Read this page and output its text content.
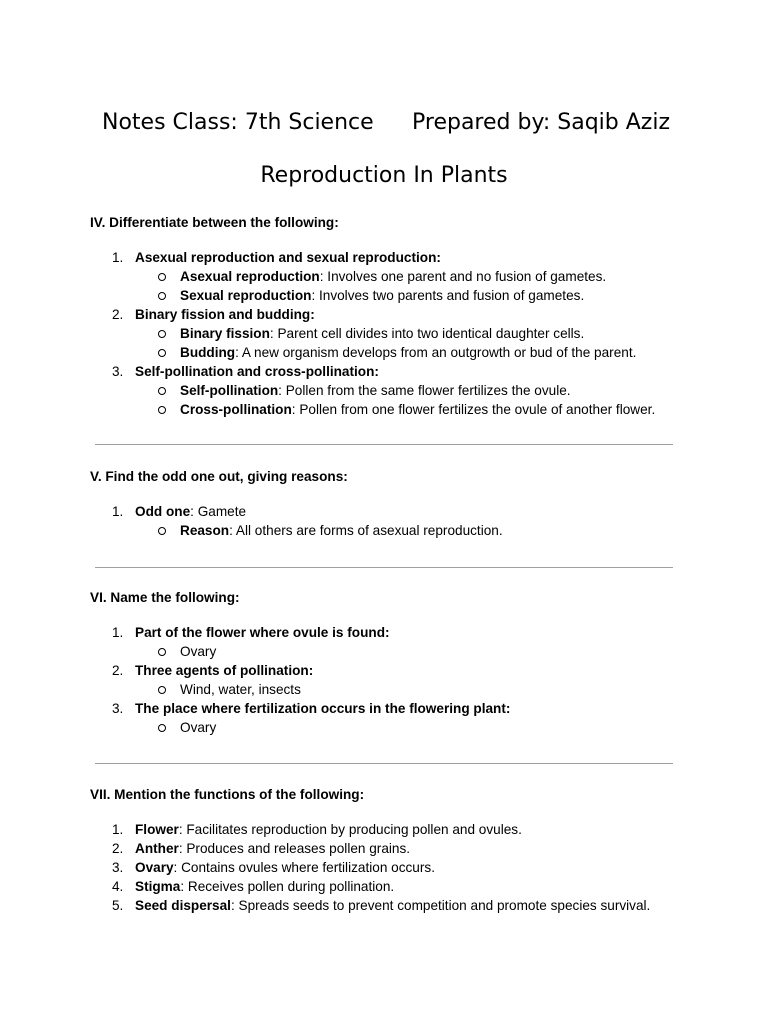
Notes Class: 7th Science Prepared by: Saqib Aziz
Reproduction In Plants
IV. Differentiate between the following:
1. Asexual reproduction and sexual reproduction:
Asexual reproduction: Involves one parent and no fusion of gametes.
Sexual reproduction: Involves two parents and fusion of gametes.
2. Binary fission and budding:
Binary fission: Parent cell divides into two identical daughter cells.
Budding: A new organism develops from an outgrowth or bud of the parent.
3. Self-pollination and cross-pollination:
Self-pollination: Pollen from the same flower fertilizes the ovule.
Cross-pollination: Pollen from one flower fertilizes the ovule of another flower.
V. Find the odd one out, giving reasons:
1. Odd one: Gamete
Reason: All others are forms of asexual reproduction.
VI. Name the following:
1. Part of the flower where ovule is found:
Ovary
2. Three agents of pollination:
Wind, water, insects
3. The place where fertilization occurs in the flowering plant:
Ovary
VII. Mention the functions of the following:
1. Flower: Facilitates reproduction by producing pollen and ovules.
2. Anther: Produces and releases pollen grains.
3. Ovary: Contains ovules where fertilization occurs.
4. Stigma: Receives pollen during pollination.
5. Seed dispersal: Spreads seeds to prevent competition and promote species survival.
